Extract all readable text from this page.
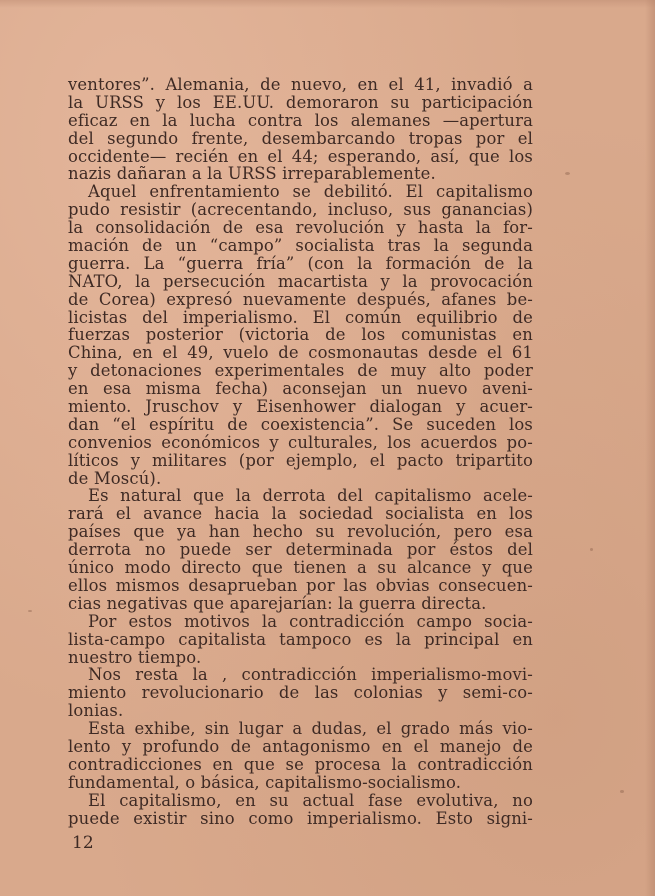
ventores”. Alemania, de nuevo, en el 41, invadió a
la URSS y los EE.UU. demoraron su participación
eficaz en la lucha contra los alemanes —apertura
del segundo frente, desembarcando tropas por el
occidente— recién en el 44; esperando, así, que los
nazis dañaran a la URSS irreparablemente.
Aquel enfrentamiento se debilitó. El capitalismo
pudo resistir (acrecentando, incluso, sus ganancias)
la consolidación de esa revolución y hasta la for-
mación de un “campo” socialista tras la segunda
guerra. La “guerra fría” (con la formación de la
NATO, la persecución macartista y la provocación
de Corea) expresó nuevamente después, afanes be-
licistas del imperialismo. El común equilibrio de
fuerzas posterior (victoria de los comunistas en
China, en el 49, vuelo de cosmonautas desde el 61
y detonaciones experimentales de muy alto poder
en esa misma fecha) aconsejan un nuevo aveni-
miento. Jruschov y Eisenhower dialogan y acuer-
dan “el espíritu de coexistencia”. Se suceden los
convenios económicos y culturales, los acuerdos po-
líticos y militares (por ejemplo, el pacto tripartito
de Moscú).
Es natural que la derrota del capitalismo acele-
rará el avance hacia la sociedad socialista en los
países que ya han hecho su revolución, pero esa
derrota no puede ser determinada por éstos del
único modo directo que tienen a su alcance y que
ellos mismos desaprueban por las obvias consecuen-
cias negativas que aparejarían: la guerra directa.
Por estos motivos la contradicción campo socia-
lista-campo capitalista tampoco es la principal en
nuestro tiempo.
Nos resta la , contradicción imperialismo-movi-
miento revolucionario de las colonias y semi-co-
lonias.
Esta exhibe, sin lugar a dudas, el grado más vio-
lento y profundo de antagonismo en el manejo de
contradicciones en que se procesa la contradicción
fundamental, o básica, capitalismo-socialismo.
El capitalismo, en su actual fase evolutiva, no
puede existir sino como imperialismo. Esto signi-
12
